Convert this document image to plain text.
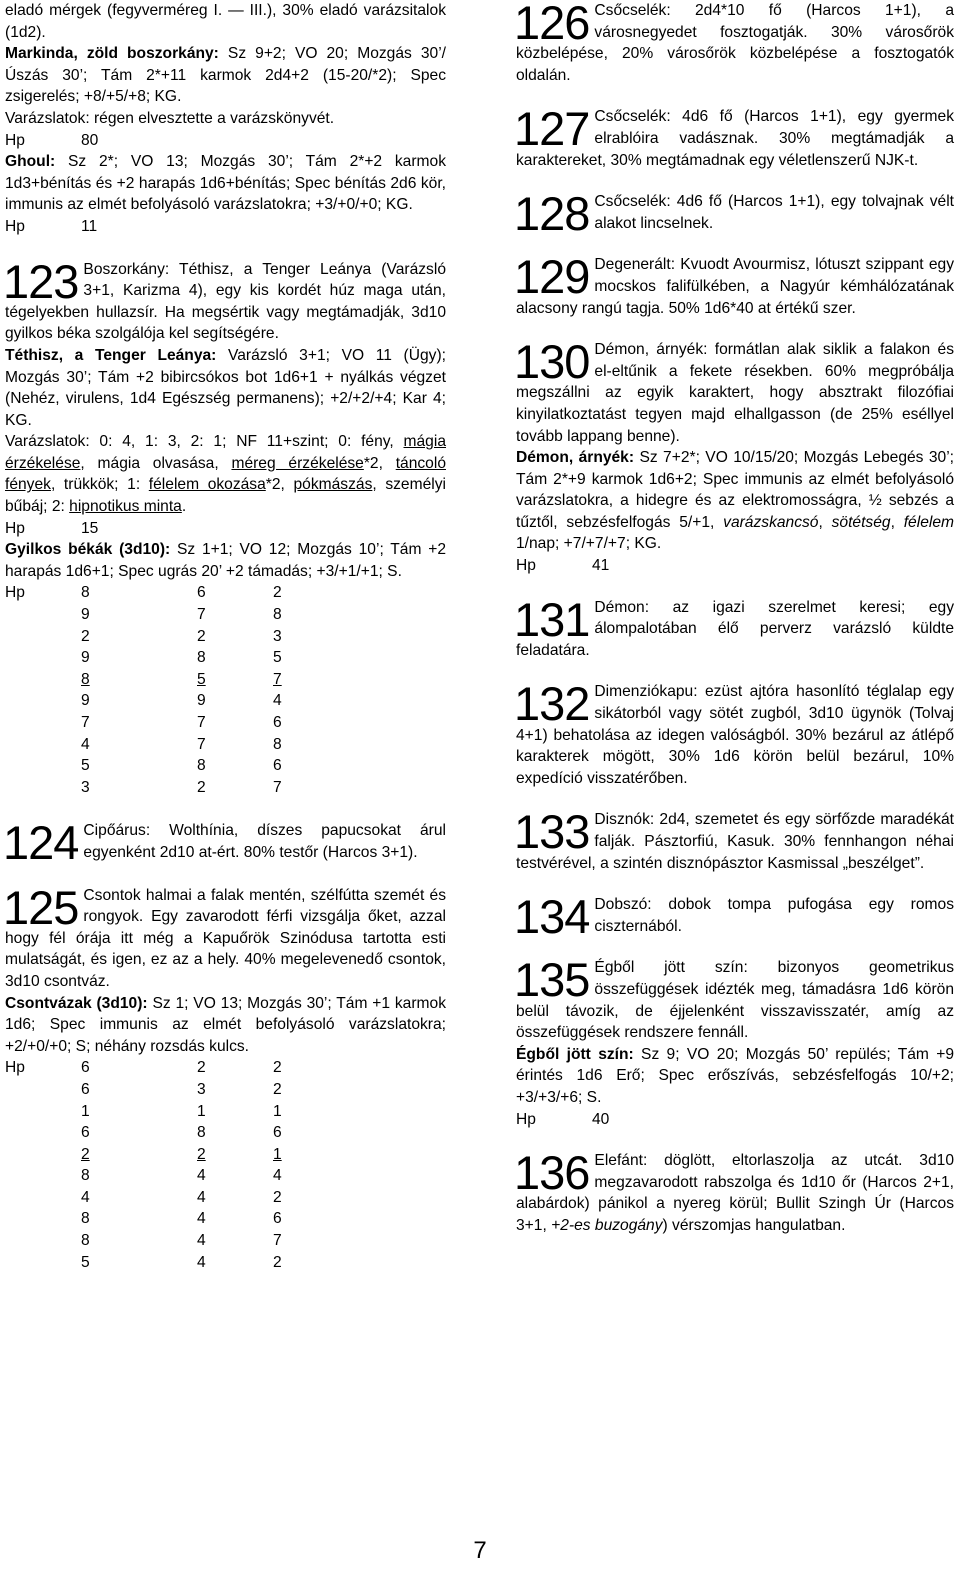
eladó mérgek (fegyverméreg I. — III.), 30% eladó varázsitalok (1d2).

Markinda, zöld boszorkány: Sz 9+2; VO 20; Mozgás 30’/Úszás 30’; Tám 2*+11 karmok 2d4+2 (15-20/*2); Spec zsigerelés; +8/+5/+8; KG.

Varázslatok: régen elvesztette a varázskönyvét.

Hp	80

Ghoul: Sz 2*; VO 13; Mozgás 30’; Tám 2*+2 karmok 1d3+bénítás és +2 harapás 1d6+bénítás; Spec bénítás 2d6 kör, immunis az elmét befolyásoló varázslatokra; +3/+0/+0; KG.

Hp	11

123 Boszorkány: Téthisz, a Tenger Leánya (Varázsló 3+1, Karizma 4), egy kis kordét húz maga után, tégelyekben hullazsír. Ha megsértik vagy megtámadják, 3d10 gyilkos béka szolgálója kel segítségére.

Téthisz, a Tenger Leánya: Varázsló 3+1; VO 11 (Ügy); Mozgás 30’; Tám +2 bibircsókos bot 1d6+1 + nyálkás végzet (Nehéz, virulens, 1d4 Egészség permanens); +2/+2/+4; Kar 4; KG.

Varázslatok: 0: 4, 1: 3, 2: 1; NF 11+szint; 0: fény, mágia érzékelése, mágia olvasása, méreg érzékelése*2, táncoló fények, trükkök; 1: félelem okozása*2, pókmászás, személyi bűbáj; 2: hipnotikus minta.

Hp	15

Gyilkos békák (3d10): Sz 1+1; VO 12; Mozgás 10’; Tám +2 harapás 1d6+1; Spec ugrás 20’ +2 támadás; +3/+1/+1; S.

Hp	8	6	2
	9	7	8
	2	2	3
	9	8	5
	8	5	7
	9	9	4
	7	7	6
	4	7	8
	5	8	6
	3	2	7

124 Cipőárus: Wolthínia, díszes papucsokat árul egyenként 2d10 at-ért. 80% testőr (Harcos 3+1).

125 Csontok halmai a falak mentén, szélfútta szemét és rongyok. Egy zavarodott férfi vizsgálja őket, azzal hogy fél órája itt még a Kapuőrök Szinódusa tartotta esti mulatságát, és igen, ez az a hely. 40% megelevenedő csontok, 3d10 csontváz.

Csontvázak (3d10): Sz 1; VO 13; Mozgás 30’; Tám +1 karmok 1d6; Spec immunis az elmét befolyásoló varázslatokra; +2/+0/+0; S; néhány rozsdás kulcs.

Hp	6	2	2
	6	3	2
	1	1	1
	6	8	6
	2	2	1
	8	4	4
	4	4	2
	8	4	6
	8	4	7
	5	4	2

126 Csőcselék: 2d4*10 fő (Harcos 1+1), a városnegyedet fosztogatják. 30% városőrök közbelépése, 20% városőrök közbelépése a fosztogatók oldalán.

127 Csőcselék: 4d6 fő (Harcos 1+1), egy gyermek elrablóira vadásznak. 30% megtámadják a karaktereket, 30% megtámadnak egy véletlenszerű NJK-t.

128 Csőcselék: 4d6 fő (Harcos 1+1), egy tolvajnak vélt alakot lincselnek.

129 Degenerált: Kvuodt Avourmisz, lótuszt szippant egy mocskos falifülkében, a Nagyúr kémhálózatának alacsony rangú tagja. 50% 1d6*40 at értékű szer.

130 Démon, árnyék: formátlan alak siklik a falakon és el-eltűnik a fekete résekben. 60% megpróbálja megszállni az egyik karaktert, hogy absztrakt filozófiai kinyilatkoztatást tegyen majd elhallgasson (de 25% eséllyel tovább lappang benne).

Démon, árnyék: Sz 7+2*; VO 10/15/20; Mozgás Lebegés 30’; Tám 2*+9 karmok 1d6+2; Spec immunis az elmét befolyásoló varázslatokra, a hidegre és az elektromosságra, ½ sebzés a tűztől, sebzésfelfogás 5/+1, varázskancsó, sötétség, félelem 1/nap; +7/+7/+7; KG.

Hp	41

131 Démon: az igazi szerelmet keresi; egy álompalotában élő perverz varázsló küldte feladatára.

132 Dimenziókapu: ezüst ajtóra hasonlító téglalap egy sikátorból vagy sötét zugból, 3d10 ügynök (Tolvaj 4+1) behatolása az idegen valóságból. 30% bezárul az átlépő karakterek mögött, 30% 1d6 körön belül bezárul, 10% expedíció visszatérőben.

133 Disznók: 2d4, szemetet és egy sörfőzde maradékát falják. Pásztorfiú, Kasuk. 30% fennhangon néhai testvérével, a szintén disznópásztor Kasmissal „beszélget”.

134 Dobszó: dobok tompa pufogása egy romos ciszternából.

135 Égből jött szín: bizonyos geometrikus összefüggések idézték meg, támadásra 1d6 körön belül távozik, de éjjelenként visszavisszatér, amíg az összefüggések rendszere fennáll.

Égből jött szín: Sz 9; VO 20; Mozgás 50’ repülés; Tám +9 érintés 1d6 Erő; Spec erőszívás, sebzésfelfogás 10/+2; +3/+3/+6; S.

Hp	40

136 Elefánt: döglött, eltorlaszolja az utcát. 3d10 megzavarodott rabszolga és 1d10 őr (Harcos 2+1, alabárdok) pánikol a nyereg körül; Bullit Szingh Úr (Harcos 3+1, +2-es buzogány) vérszomjas hangulatban.

7
